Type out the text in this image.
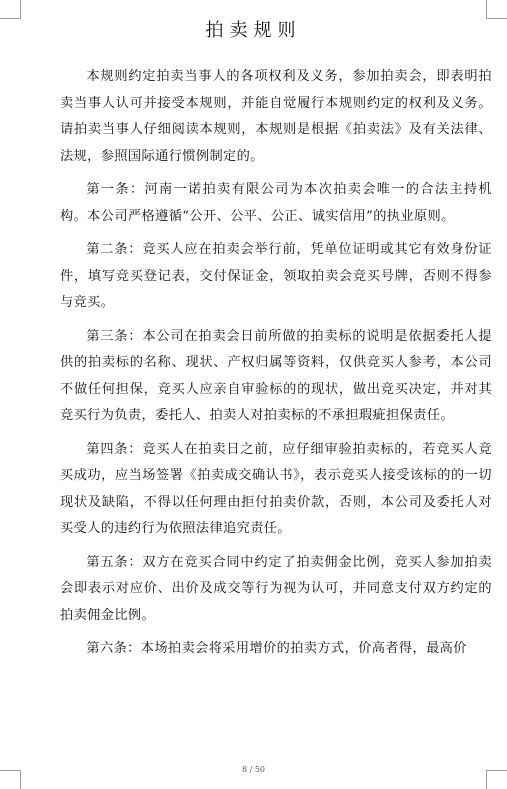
拍卖规则

本规则约定拍卖当事人的各项权利及义务，参加拍卖会，即表明拍卖当事人认可并接受本规则，并能自觉履行本规则约定的权利及义务。请拍卖当事人仔细阅读本规则，本规则是根据《拍卖法》及有关法律、法规，参照国际通行惯例制定的。

第一条：河南一诺拍卖有限公司为本次拍卖会唯一的合法主持机构。本公司严格遵循“公开、公平、公正、诚实信用”的执业原则。

第二条：竞买人应在拍卖会举行前，凭单位证明或其它有效身份证件，填写竞买登记表，交付保证金，领取拍卖会竞买号牌，否则不得参与竞买。

第三条：本公司在拍卖会日前所做的拍卖标的说明是依据委托人提供的拍卖标的名称、现状、产权归属等资料，仅供竞买人参考，本公司不做任何担保，竞买人应亲自审验标的的现状，做出竞买决定，并对其竞买行为负责，委托人、拍卖人对拍卖标的不承担瑕疵担保责任。

第四条：竞买人在拍卖日之前，应仔细审验拍卖标的，若竞买人竞买成功，应当场签署《拍卖成交确认书》，表示竞买人接受该标的的一切现状及缺陷，不得以任何理由拒付拍卖价款，否则，本公司及委托人对买受人的违约行为依照法律追究责任。

第五条：双方在竞买合同中约定了拍卖佣金比例，竞买人参加拍卖会即表示对应价、出价及成交等行为视为认可，并同意支付双方约定的拍卖佣金比例。

第六条：本场拍卖会将采用增价的拍卖方式，价高者得，最高价

8 / 50
